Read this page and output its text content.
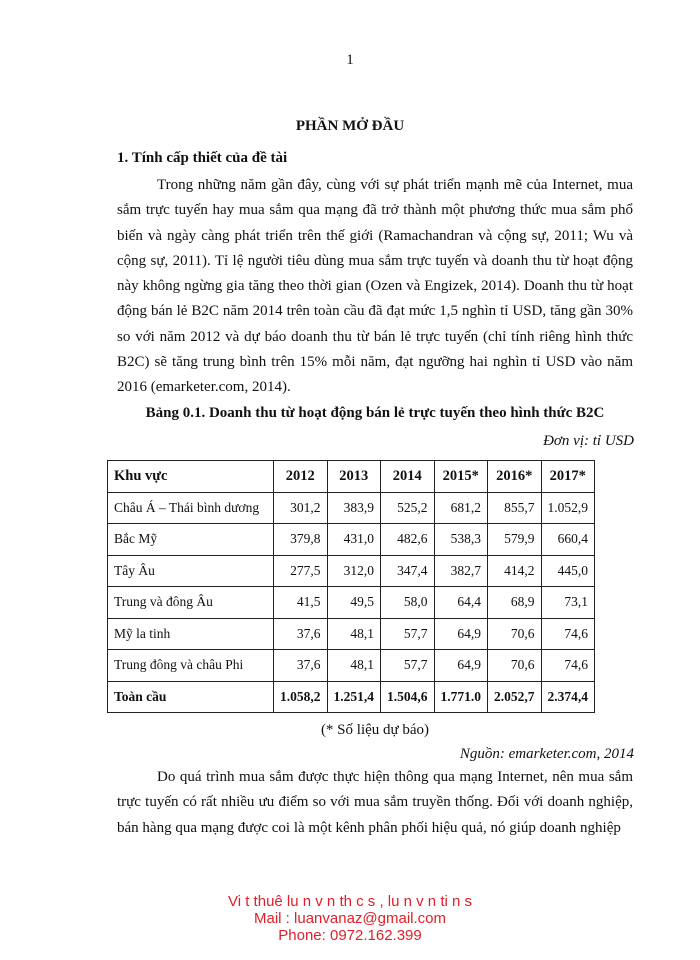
1
PHẦN MỞ ĐẦU
1. Tính cấp thiết của đề tài
Trong những năm gần đây, cùng với sự phát triển mạnh mẽ của Internet, mua sắm trực tuyến hay mua sắm qua mạng đã trở thành một phương thức mua sắm phổ biến và ngày càng phát triển trên thế giới (Ramachandran và cộng sự, 2011; Wu và cộng sự, 2011). Tỉ lệ người tiêu dùng mua sắm trực tuyến và doanh thu từ hoạt động này không ngừng gia tăng theo thời gian (Ozen và Engizek, 2014). Doanh thu từ hoạt động bán lẻ B2C năm 2014 trên toàn cầu đã đạt mức 1,5 nghìn tỉ USD, tăng gần 30% so với năm 2012 và dự báo doanh thu từ bán lẻ trực tuyến (chỉ tính riêng hình thức B2C) sẽ tăng trung bình trên 15% mỗi năm, đạt ngưỡng hai nghìn tỉ USD vào năm 2016 (emarketer.com, 2014).
Bảng 0.1. Doanh thu từ hoạt động bán lẻ trực tuyến theo hình thức B2C
Đơn vị: tỉ USD
Khu vực	2012	2013	2014	2015*	2016*	2017*
Châu Á – Thái bình dương	301,2	383,9	525,2	681,2	855,7	1.052,9
Bắc Mỹ	379,8	431,0	482,6	538,3	579,9	660,4
Tây Âu	277,5	312,0	347,4	382,7	414,2	445,0
Trung và đông Âu	41,5	49,5	58,0	64,4	68,9	73,1
Mỹ la tinh	37,6	48,1	57,7	64,9	70,6	74,6
Trung đông và châu Phi	37,6	48,1	57,7	64,9	70,6	74,6
Toàn cầu	1.058,2	1.251,4	1.504,6	1.771.0	2.052,7	2.374,4
(* Số liệu dự báo)
Nguồn: emarketer.com, 2014
Do quá trình mua sắm được thực hiện thông qua mạng Internet, nên mua sắm trực tuyến có rất nhiều ưu điểm so với mua sắm truyền thống. Đối với doanh nghiệp, bán hàng qua mạng được coi là một kênh phân phối hiệu quả, nó giúp doanh nghiệp
Vi t thuê lu n v n th c s , lu n v n ti n s
Mail : luanvanaz@gmail.com
Phone: 0972.162.399
